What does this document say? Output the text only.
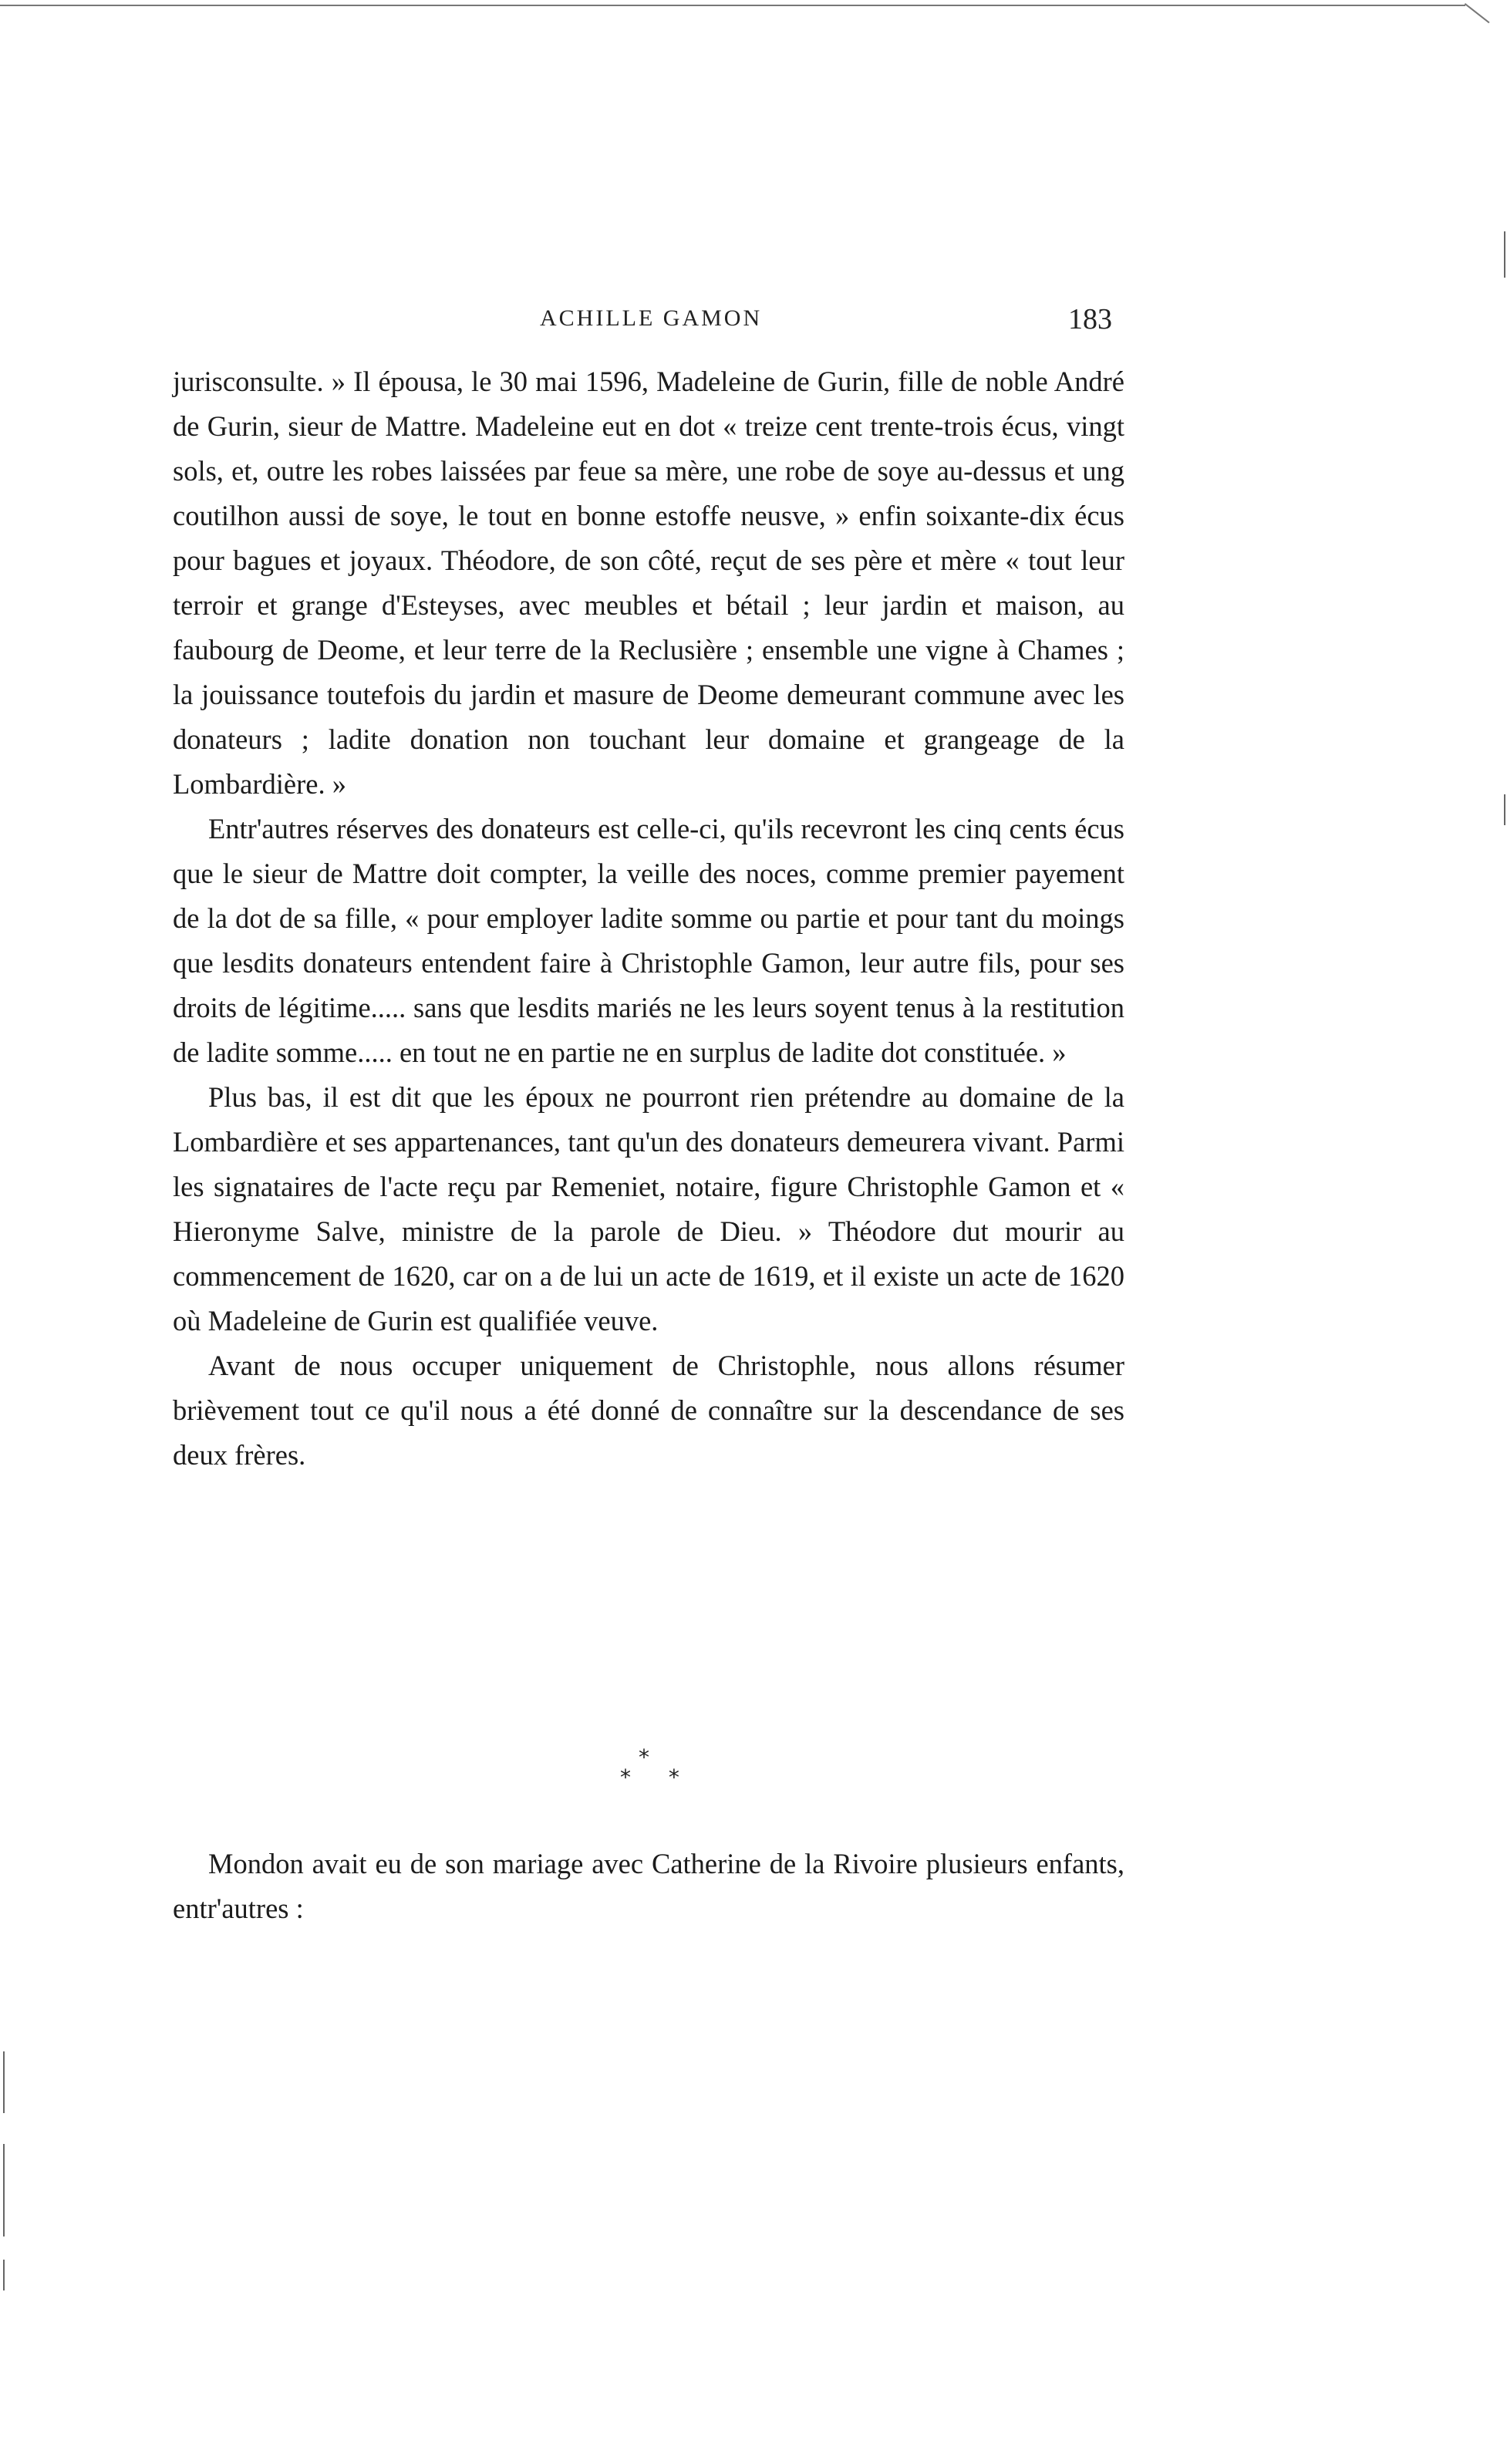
ACHILLE GAMON	183

jurisconsulte. » Il épousa, le 30 mai 1596, Madeleine de Gurin, fille de noble André de Gurin, sieur de Mattre. Madeleine eut en dot « treize cent trente-trois écus, vingt sols, et, outre les robes laissées par feue sa mère, une robe de soye au-dessus et ung coutilhon aussi de soye, le tout en bonne estoffe neusve, » enfin soixante-dix écus pour bagues et joyaux. Théodore, de son côté, reçut de ses père et mère « tout leur terroir et grange d'Esteyses, avec meubles et bétail ; leur jardin et maison, au faubourg de Deome, et leur terre de la Reclusière ; ensemble une vigne à Chames ; la jouissance toutefois du jardin et masure de Deome demeurant commune avec les donateurs ; ladite donation non touchant leur domaine et grangeage de la Lombardière. »

Entr'autres réserves des donateurs est celle-ci, qu'ils recevront les cinq cents écus que le sieur de Mattre doit compter, la veille des noces, comme premier payement de la dot de sa fille, « pour employer ladite somme ou partie et pour tant du moings que lesdits donateurs entendent faire à Christophle Gamon, leur autre fils, pour ses droits de légitime..... sans que lesdits mariés ne les leurs soyent tenus à la restitution de ladite somme..... en tout ne en partie ne en surplus de ladite dot constituée. »

Plus bas, il est dit que les époux ne pourront rien prétendre au domaine de la Lombardière et ses appartenances, tant qu'un des donateurs demeurera vivant. Parmi les signataires de l'acte reçu par Remeniet, notaire, figure Christophle Gamon et « Hieronyme Salve, ministre de la parole de Dieu. » Théodore dut mourir au commencement de 1620, car on a de lui un acte de 1619, et il existe un acte de 1620 où Madeleine de Gurin est qualifiée veuve.

Avant de nous occuper uniquement de Christophle, nous allons résumer brièvement tout ce qu'il nous a été donné de connaître sur la descendance de ses deux frères.

*
* *

Mondon avait eu de son mariage avec Catherine de la Rivoire plusieurs enfants, entr'autres :
